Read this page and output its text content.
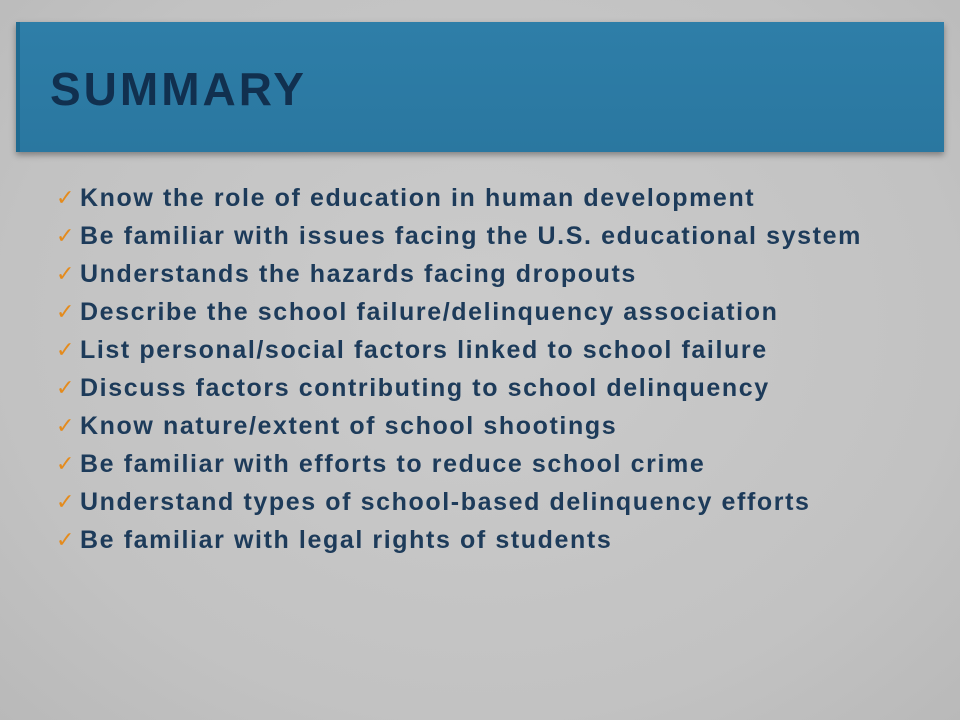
SUMMARY
✓ Know the role of education in human development
✓ Be familiar with issues facing the U.S. educational system
✓ Understands the hazards facing dropouts
✓ Describe the school failure/delinquency association
✓ List personal/social factors linked to school failure
✓ Discuss factors contributing to school delinquency
✓ Know nature/extent of school shootings
✓ Be familiar with efforts to reduce school crime
✓ Understand types of school-based delinquency efforts
✓ Be familiar with legal rights of students
